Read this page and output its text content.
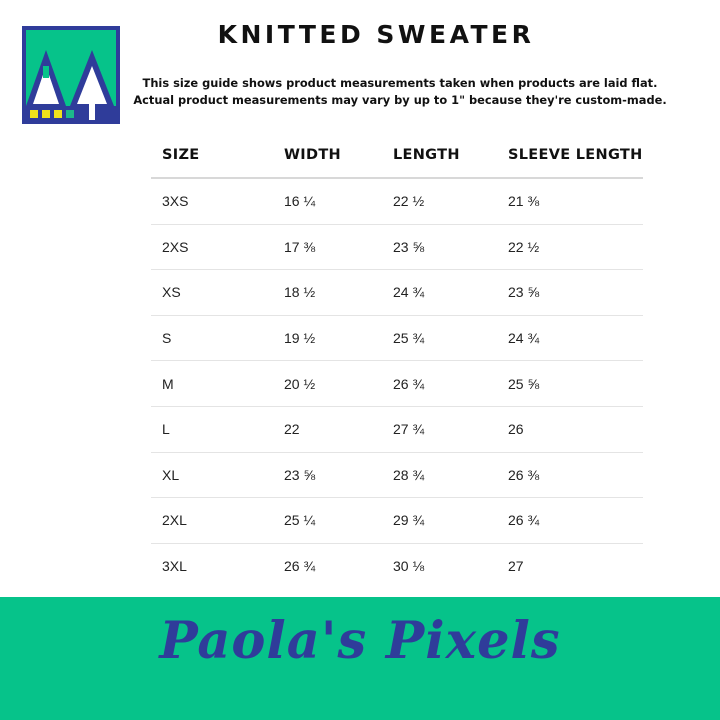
KNITTED SWEATER
This size guide shows product measurements taken when products are laid flat.
Actual product measurements may vary by up to 1" because they're custom-made.
SIZE	WIDTH	LENGTH	SLEEVE LENGTH
3XS	16 ¼	22 ½	21 ⅜
2XS	17 ⅜	23 ⅝	22 ½
XS	18 ½	24 ¾	23 ⅝
S	19 ½	25 ¾	24 ¾
M	20 ½	26 ¾	25 ⅝
L	22	27 ¾	26
XL	23 ⅝	28 ¾	26 ⅜
2XL	25 ¼	29 ¾	26 ¾
3XL	26 ¾	30 ⅛	27
Paola's Pixels
